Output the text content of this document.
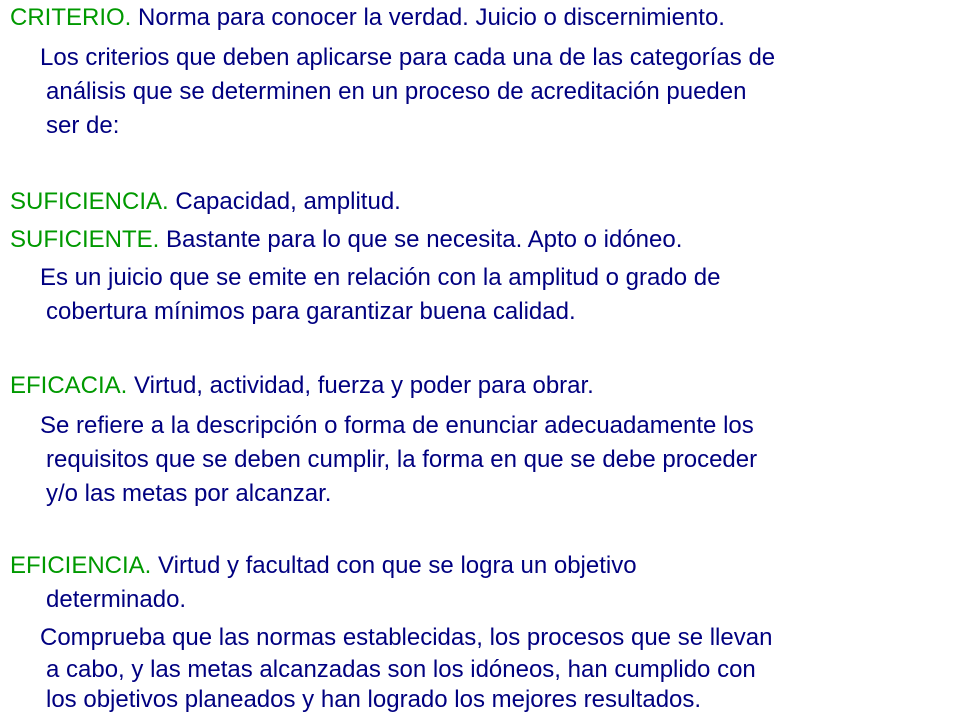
CRITERIO. Norma para conocer la verdad. Juicio o discernimiento.
Los criterios que deben aplicarse para cada una de las categorías de
análisis que se determinen en un proceso de acreditación pueden
ser de:
SUFICIENCIA. Capacidad, amplitud.
SUFICIENTE. Bastante para lo que se necesita. Apto o idóneo.
Es un juicio que se emite en relación con la amplitud o grado de
cobertura mínimos para garantizar buena calidad.
EFICACIA. Virtud, actividad, fuerza y poder para obrar.
Se refiere a la descripción o forma de enunciar adecuadamente los
requisitos que se deben cumplir, la forma en que se debe proceder
y/o las metas por alcanzar.
EFICIENCIA. Virtud y facultad con que se logra un objetivo
determinado.
Comprueba que las normas establecidas, los procesos que se llevan
a cabo, y las metas alcanzadas son los idóneos, han cumplido con
los objetivos planeados y han logrado los mejores resultados.
